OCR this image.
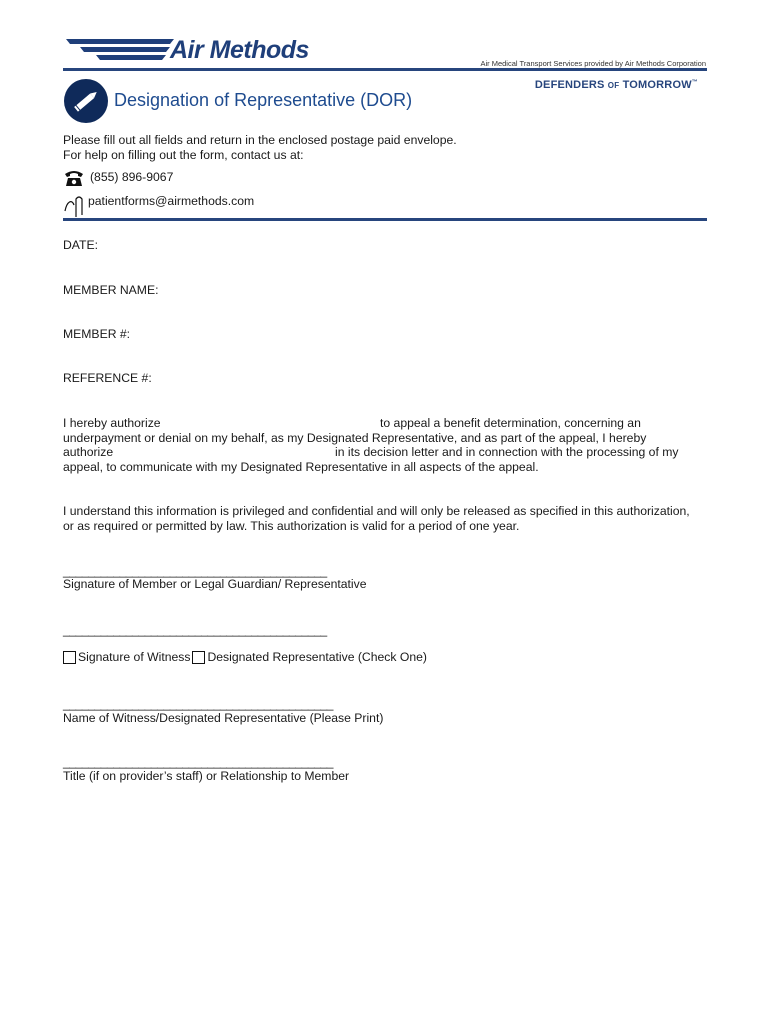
Air Methods	Air Medical Transport Services provided by Air Methods Corporation
DEFENDERS OF TOMORROW™
Designation of Representative (DOR)
Please fill out all fields and return in the enclosed postage paid envelope.
For help on filling out the form, contact us at:
(855) 896-9067
patientforms@airmethods.com
DATE:
MEMBER NAME:
MEMBER #:
REFERENCE #:
I hereby authorize	to appeal a benefit determination, concerning an
underpayment or denial on my behalf, as my Designated Representative, and as part of the appeal, I hereby
authorize	in its decision letter and in connection with the processing of my
appeal, to communicate with my Designated Representative in all aspects of the appeal.
I understand this information is privileged and confidential and will only be released as specified in this authorization,
or as required or permitted by law. This authorization is valid for a period of one year.
__________________________________________
Signature of Member or Legal Guardian/ Representative
__________________________________________
Signature of Witness Designated Representative (Check One)
___________________________________________
Name of Witness/Designated Representative (Please Print)
___________________________________________
Title (if on provider’s staff) or Relationship to Member
